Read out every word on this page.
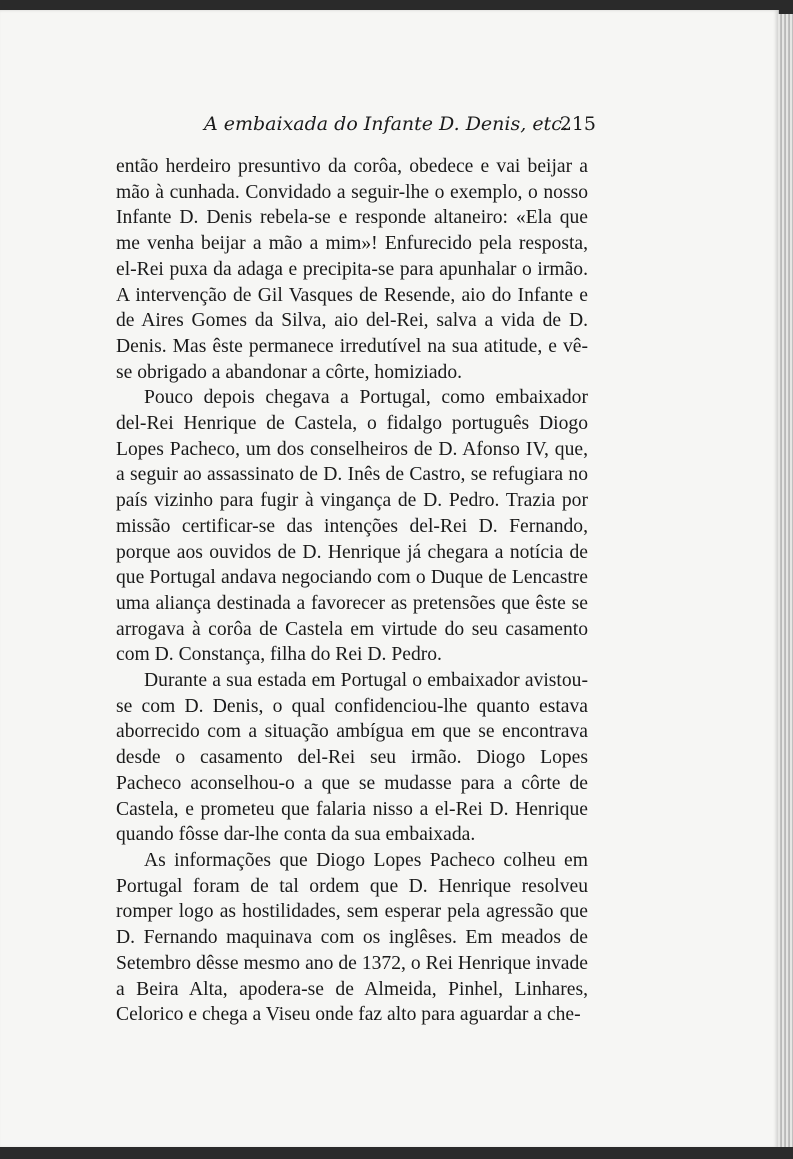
A embaixada do Infante D. Denis, etc.
215

então herdeiro presuntivo da corôa, obedece e vai beijar a mão à cunhada. Convidado a seguir-lhe o exemplo, o nosso Infante D. Denis rebela-se e responde altaneiro: «Ela que me venha beijar a mão a mim»! Enfurecido pela resposta, el-Rei puxa da adaga e precipita-se para apunhalar o irmão. A intervenção de Gil Vasques de Resende, aio do Infante e de Aires Gomes da Silva, aio del-Rei, salva a vida de D. Denis. Mas êste permanece irredutível na sua atitude, e vê-se obrigado a abandonar a côrte, homiziado.

Pouco depois chegava a Portugal, como embaixador del-Rei Henrique de Castela, o fidalgo português Diogo Lopes Pacheco, um dos conselheiros de D. Afonso IV, que, a seguir ao assassinato de D. Inês de Castro, se refugiara no país vizinho para fugir à vingança de D. Pedro. Trazia por missão certificar-se das intenções del-Rei D. Fernando, porque aos ouvidos de D. Henrique já chegara a notícia de que Portugal andava negociando com o Duque de Lencastre uma aliança destinada a favorecer as pretensões que êste se arrogava à corôa de Castela em virtude do seu casamento com D. Constança, filha do Rei D. Pedro.

Durante a sua estada em Portugal o embaixador avistou-se com D. Denis, o qual confidenciou-lhe quanto estava aborrecido com a situação ambígua em que se encontrava desde o casamento del-Rei seu irmão. Diogo Lopes Pacheco aconselhou-o a que se mudasse para a côrte de Castela, e prometeu que falaria nisso a el-Rei D. Henrique quando fôsse dar-lhe conta da sua embaixada.

As informações que Diogo Lopes Pacheco colheu em Portugal foram de tal ordem que D. Henrique resolveu romper logo as hostilidades, sem esperar pela agressão que D. Fernando maquinava com os inglêses. Em meados de Setembro dêsse mesmo ano de 1372, o Rei Henrique invade a Beira Alta, apodera-se de Almeida, Pinhel, Linhares, Celorico e chega a Viseu onde faz alto para aguardar a che-
